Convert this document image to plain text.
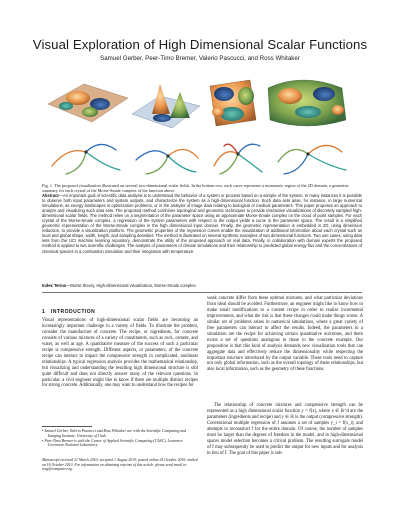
Visual Exploration of High Dimensional Scalar Functions
Samuel Gerber, Peer-Timo Bremer, Valerio Pascucci, and Ross Whitaker

Fig. 1. The proposed visualization illustrated on several two-dimensional scalar fields. In the bottom row, each curve represents a monotonic region of the 2D domain, a geometric summary for each crystal of the Morse-Smale complex of the function above.

Abstract—An important goal of scientific data analysis is to understand the behavior of a system or process based on a sample of the system. In many instances it is possible to observe both input parameters and system outputs, and characterize the system as a high-dimensional function. Such data sets arise, for instance, in large numerical simulations, as energy landscapes in optimization problems, or in the analysis of image data relating to biological or medical parameters. This paper proposes an approach to analyze and visualizing such data sets. The proposed method combines topological and geometric techniques to provide interactive visualizations of discretely sampled high-dimensional scalar fields. The method relies on a segmentation of the parameter space using an approximate Morse-Smale complex on the cloud of point samples. For each crystal of the Morse-Smale complex, a regression of the system parameters with respect to the output yields a curve in the parameter space. The result is a simplified geometric representation of the Morse-Smale complex in the high dimensional input domain. Finally, the geometric representation is embedded in 2D, using dimension reduction, to provide a visualization platform. The geometric properties of the regression curves enable the visualization of additional information about each crystal such as local and global shape, width, length, and sampling densities. The method is illustrated on several synthetic examples of two dimensional functions. Two use cases, using data sets from the UCI machine learning repository, demonstrate the utility of the proposed approach on real data. Finally, in collaboration with domain experts the proposed method is applied to two scientific challenges. The analysis of parameters of climate simulations and their relationship to predicted global energy flux and the concentrations of chemical species in a combustion simulation and their integration with temperature.

Index Terms—Morse theory, High-dimensional visualization, Morse-Smale complex.

1 INTRODUCTION

Visual representations of high-dimensional scalar fields are becoming an increasingly important challenge in a variety of fields. To illustrate the problem, consider the manufacture of concrete. The recipe, or ingredients, for concrete consists of various mixtures of a variety of constituents, such as rock, cement, and water, as well as age. A quantitative measure of the success of such a particular recipe is compressive strength. Different aspects, or parameters, of the concrete recipe can interact to impact the compressive strength in complicated, nonlinear relationships. A typical regression analysis provides the mathematical relationship, but visualizing and understanding the resulting high dimensional structure is still quite difficult and does not directly answer many of the relevant questions. In particular, a civil engineer might like to know if there are multiple distinct recipes for strong concrete. Additionally, one may want to understand how the recipes for

weak concrete differ from these optimal mixtures, and what particular deviations from ideal should be avoided. Furthermore, an engineer might like to know how to make small modifications to a current recipe in order to realize incremental improvements, and what the risk is that these changes could make things worse. A similar set of problems arises in numerical simulations, where a great variety of free parameters can interact to affect the results. Indeed, the parameters in a simulation are the recipe for achieving certain quantitative outcomes, and there exists a set of questions analogous to those in the concrete example. Our proposition is that this kind of analysis demands new visualization tools that can aggregate data and effectively reduce the dimensionality while respecting the important structure introduced by the output variable. These tools need to capture not only global information, such as the overall topology of these relationships, but also local information, such as the geometry of these functions.

The relationship of concrete mixtures and compressive strength can be represented as a high dimensional scalar function y = f(x), where x ∈ ℝ^d are the parameters (ingredients and recipe) and y ∈ ℝ is the output (compressive strength). Conventional multiple regression of f assumes a set of samples y_i = f(x_i), and attempts to reconstruct f for the entire domain. Of course, the number of samples must be larger than the degrees of freedom in the model, and in high-dimensional spaces model selection becomes a critical problem. The resulting surrogate model of f may subsequently be used to predict the output for new inputs and for analysis in lieu of f. The goal of this paper is sub-

• Samuel Gerber, Valerio Pascucci and Ross Whitaker are with the Scientific Computing and Imaging Institute, University of Utah.
• Peer-Timo Bremer is with the Center of Applied Scientific Computing (CASC), Lawrence Livermore National Laboratory.

Manuscript received 31 March 2010; accepted 1 August 2010; posted online 24 October 2010; mailed on 16 October 2010. For information on obtaining reprints of this article, please send email to: tvcg@computer.org.
